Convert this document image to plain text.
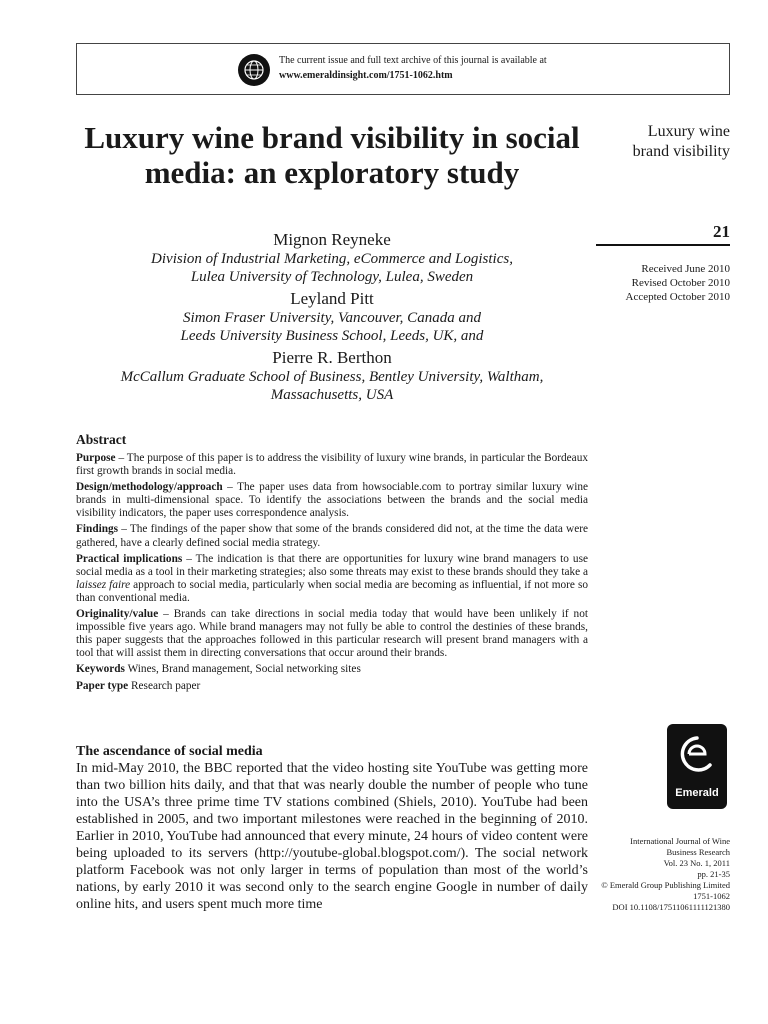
The current issue and full text archive of this journal is available at
www.emeraldinsight.com/1751-1062.htm
Luxury wine brand visibility in social media: an exploratory study
Mignon Reyneke
Division of Industrial Marketing, eCommerce and Logistics,
Lulea University of Technology, Lulea, Sweden
Leyland Pitt
Simon Fraser University, Vancouver, Canada and
Leeds University Business School, Leeds, UK, and
Pierre R. Berthon
McCallum Graduate School of Business, Bentley University, Waltham,
Massachusetts, USA
Luxury wine
brand visibility
21
Received June 2010
Revised October 2010
Accepted October 2010
Abstract

Purpose – The purpose of this paper is to address the visibility of luxury wine brands, in particular the Bordeaux first growth brands in social media.

Design/methodology/approach – The paper uses data from howsociable.com to portray similar luxury wine brands in multi-dimensional space. To identify the associations between the brands and the social media visibility indicators, the paper uses correspondence analysis.

Findings – The findings of the paper show that some of the brands considered did not, at the time the data were gathered, have a clearly defined social media strategy.

Practical implications – The indication is that there are opportunities for luxury wine brand managers to use social media as a tool in their marketing strategies; also some threats may exist to these brands should they take a laissez faire approach to social media, particularly when social media are becoming as influential, if not more so than conventional media.

Originality/value – Brands can take directions in social media today that would have been unlikely if not impossible five years ago. While brand managers may not fully be able to control the destinies of these brands, this paper suggests that the approaches followed in this particular research will present brand managers with a tool that will assist them in directing conversations that occur around their brands.

Keywords Wines, Brand management, Social networking sites

Paper type Research paper

The ascendance of social media

In mid-May 2010, the BBC reported that the video hosting site YouTube was getting more than two billion hits daily, and that that was nearly double the number of people who tune into the USA’s three prime time TV stations combined (Shiels, 2010). YouTube had been established in 2005, and two important milestones were reached in the beginning of 2010. Earlier in 2010, YouTube had announced that every minute, 24 hours of video content were being uploaded to its servers (http://youtube-global.blogspot.com/). The social network platform Facebook was not only larger in terms of population than most of the world’s nations, by early 2010 it was second only to the search engine Google in number of daily online hits, and users spent much more time

Emerald
International Journal of Wine
Business Research
Vol. 23 No. 1, 2011
pp. 21-35
© Emerald Group Publishing Limited
1751-1062
DOI 10.1108/17511061111121380
